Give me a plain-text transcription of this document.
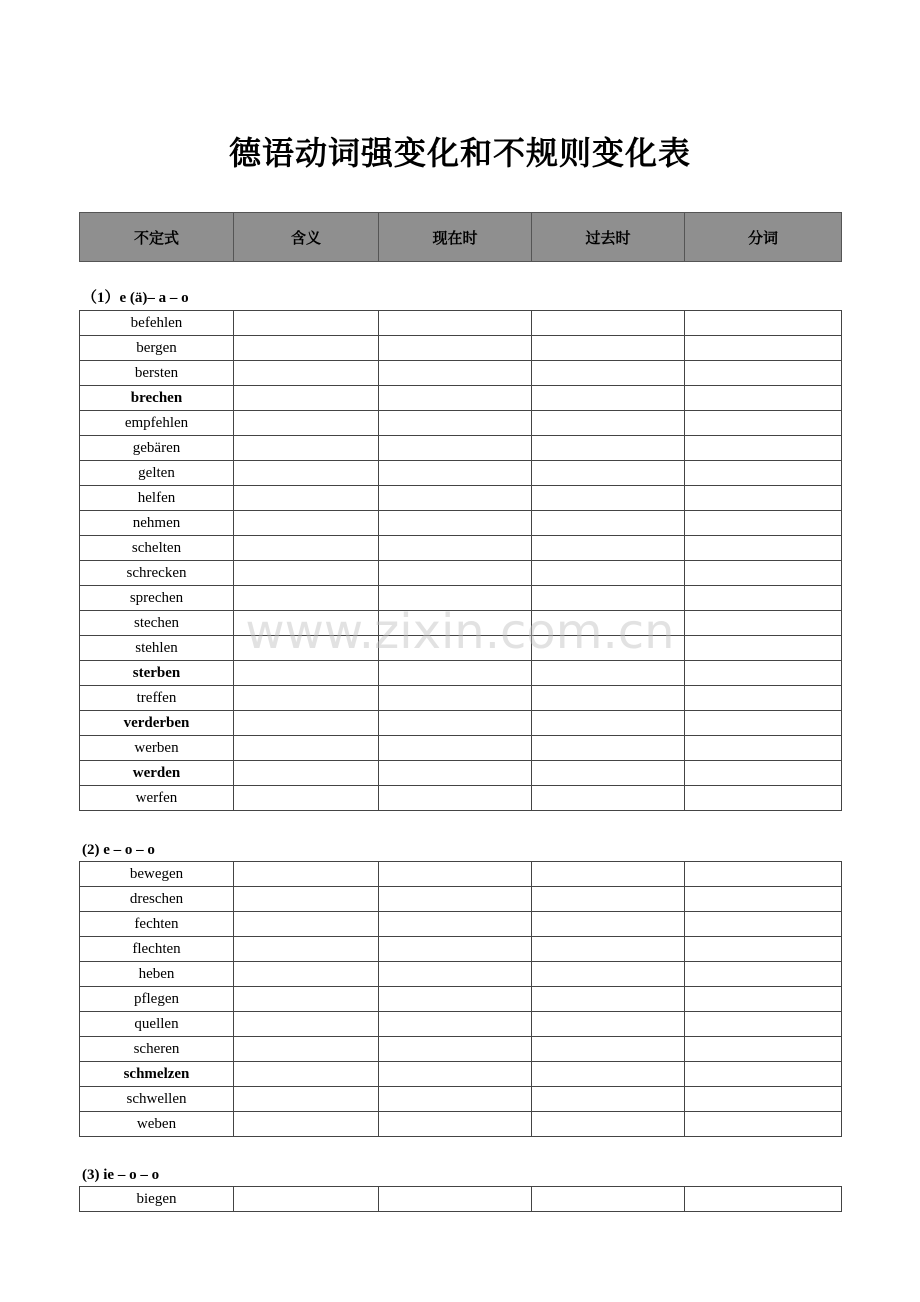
德语动词强变化和不规则变化表
不定式	含义	现在时	过去时	分词
（1）e (ä)– a – o
befehlen				
bergen				
bersten				
brechen				
empfehlen				
gebären				
gelten				
helfen				
nehmen				
schelten				
schrecken				
sprechen				
stechen				
stehlen				
sterben				
treffen				
verderben				
werben				
werden				
werfen				
(2) e – o – o
bewegen				
dreschen				
fechten				
flechten				
heben				
pflegen				
quellen				
scheren				
schmelzen				
schwellen				
weben				
(3) ie – o – o
biegen				
www.zixin.com.cn
